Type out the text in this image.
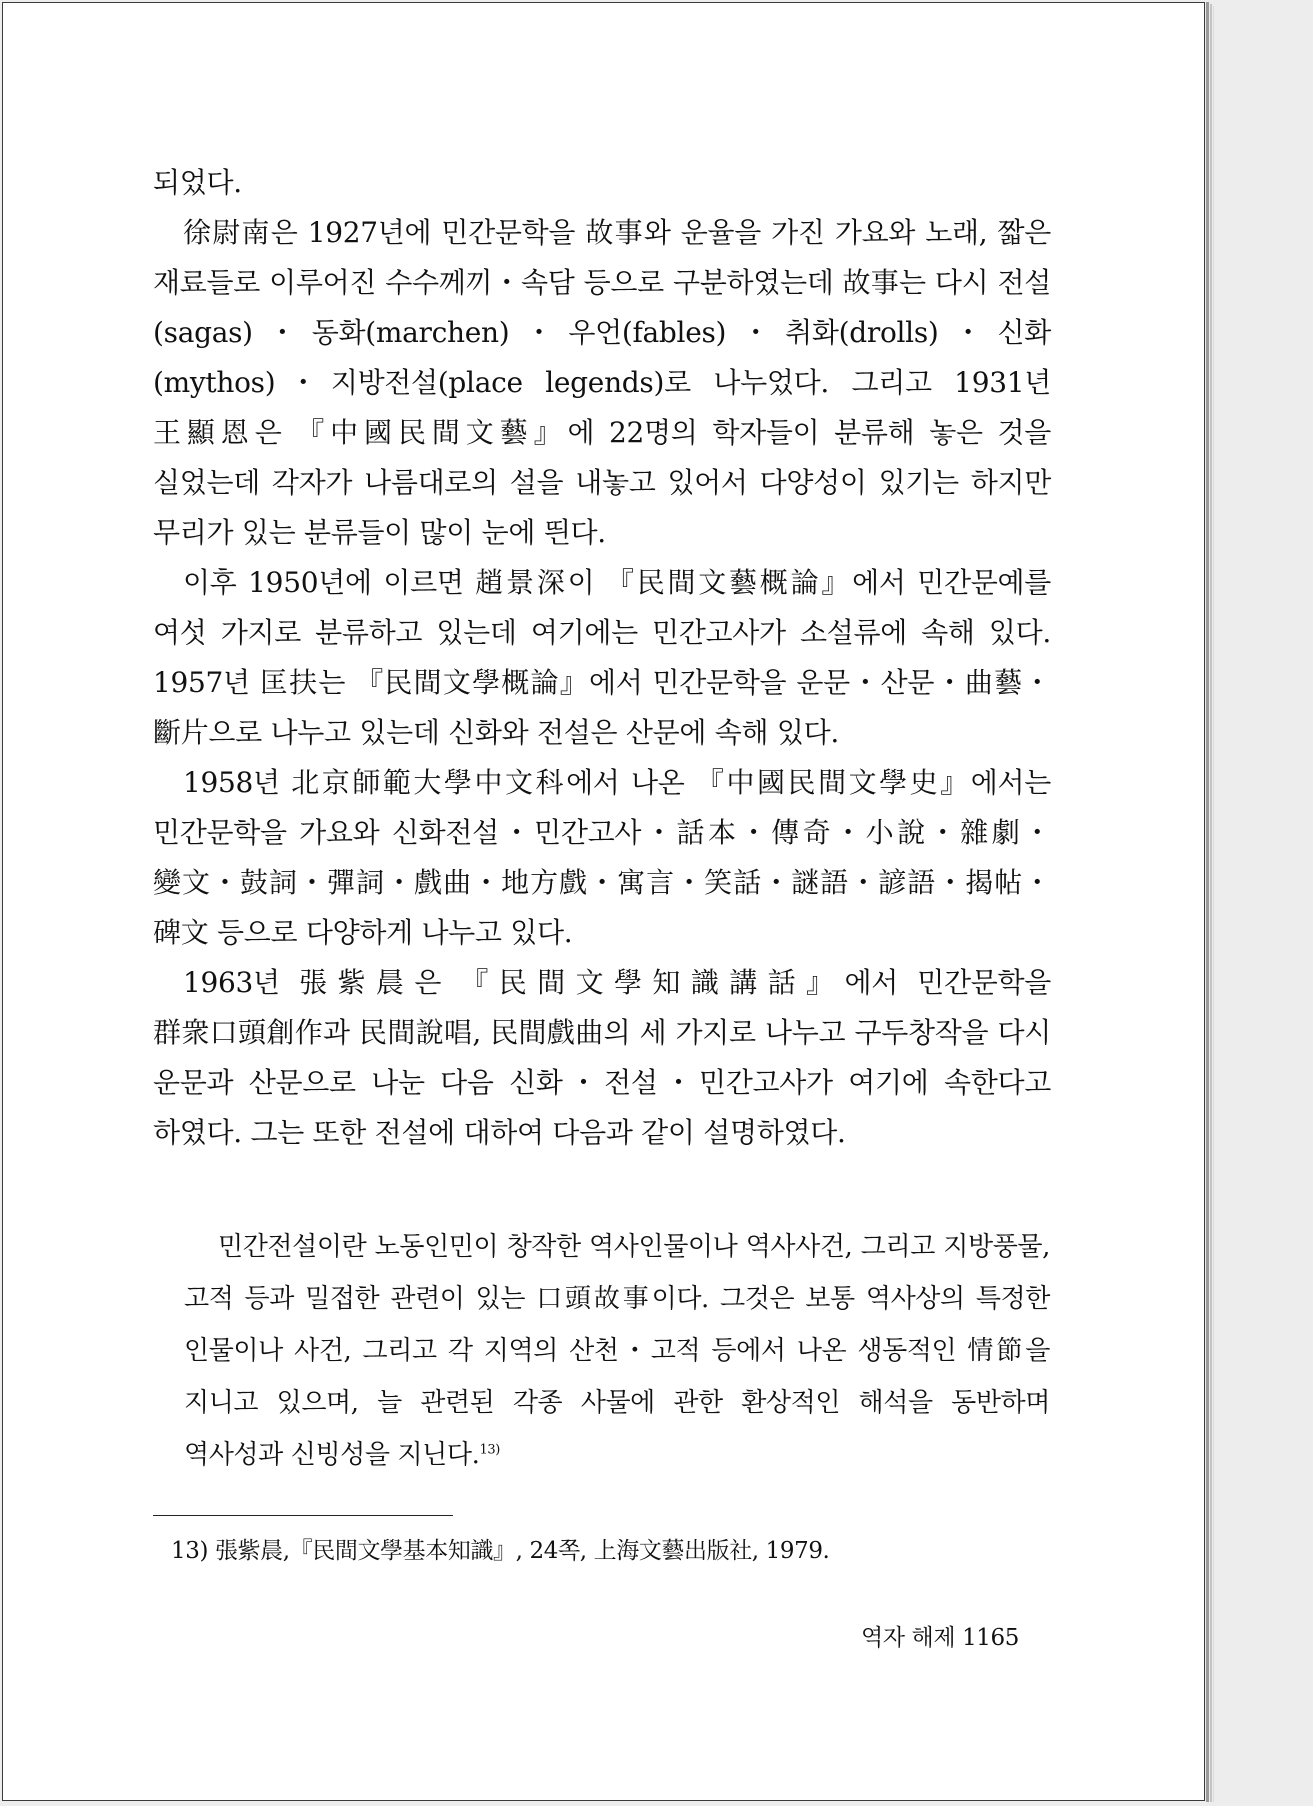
되었다.

徐尉南은 1927년에 민간문학을 故事와 운율을 가진 가요와 노래, 짧은 재료들로 이루어진 수수께끼・속담 등으로 구분하였는데 故事는 다시 전설(sagas)・동화(marchen)・우언(fables)・취화(drolls)・신화(mythos)・지방전설(place legends)로 나누었다. 그리고 1931년 王顯恩은 『中國民間文藝』에 22명의 학자들이 분류해 놓은 것을 실었는데 각자가 나름대로의 설을 내놓고 있어서 다양성이 있기는 하지만 무리가 있는 분류들이 많이 눈에 띈다.

이후 1950년에 이르면 趙景深이 『民間文藝概論』에서 민간문예를 여섯 가지로 분류하고 있는데 여기에는 민간고사가 소설류에 속해 있다. 1957년 匡扶는 『民間文學概論』에서 민간문학을 운문・산문・曲藝・斷片으로 나누고 있는데 신화와 전설은 산문에 속해 있다.

1958년 北京師範大學中文科에서 나온 『中國民間文學史』에서는 민간문학을 가요와 신화전설・민간고사・話本・傳奇・小說・雜劇・變文・鼓詞・彈詞・戲曲・地方戲・寓言・笑話・謎語・諺語・揭帖・碑文 등으로 다양하게 나누고 있다.

1963년 張紫晨은 『民間文學知識講話』에서 민간문학을 群衆口頭創作과 民間說唱, 民間戲曲의 세 가지로 나누고 구두창작을 다시 운문과 산문으로 나눈 다음 신화・전설・민간고사가 여기에 속한다고 하였다. 그는 또한 전설에 대하여 다음과 같이 설명하였다.

민간전설이란 노동인민이 창작한 역사인물이나 역사사건, 그리고 지방풍물, 고적 등과 밀접한 관련이 있는 口頭故事이다. 그것은 보통 역사상의 특정한 인물이나 사건, 그리고 각 지역의 산천・고적 등에서 나온 생동적인 情節을 지니고 있으며, 늘 관련된 각종 사물에 관한 환상적인 해석을 동반하며 역사성과 신빙성을 지닌다.$^{13)}$

13) 張紫晨,『民間文學基本知識』, 24쪽, 上海文藝出版社, 1979.
역자 해제 1165
